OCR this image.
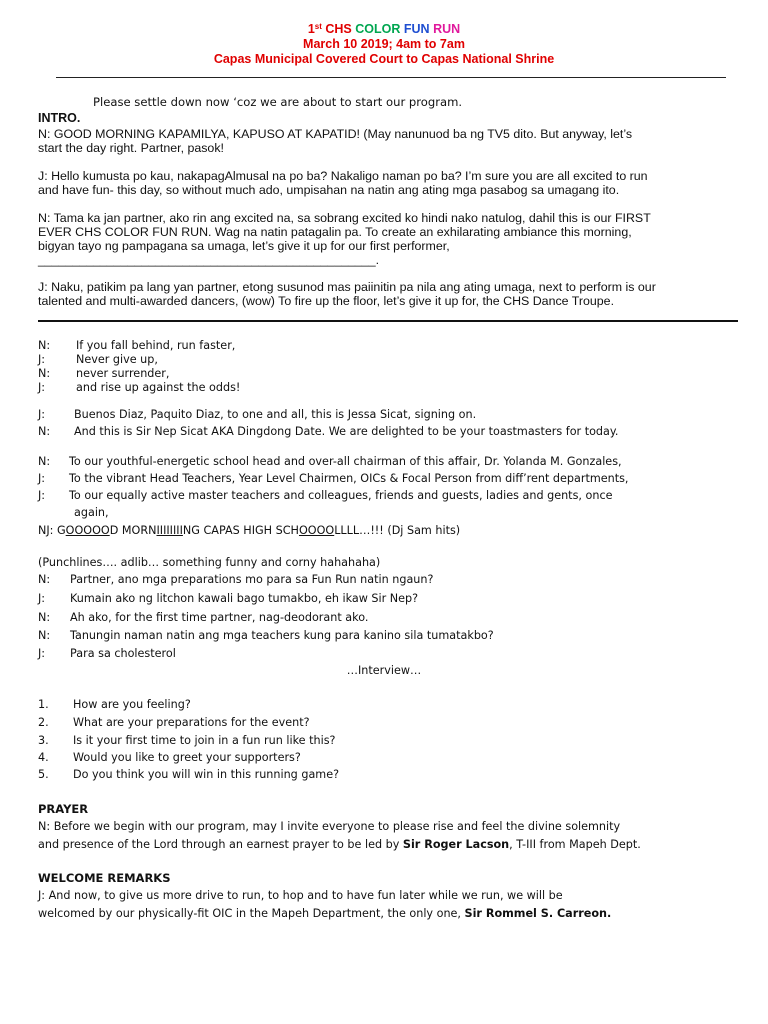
1st CHS COLOR FUN RUN
March 10 2019; 4am to 7am
Capas Municipal Covered Court to Capas National Shrine
Please settle down now ‘coz we are about to start our program.
INTRO.
N: GOOD MORNING KAPAMILYA, KAPUSO AT KAPATID! (May nanunuod ba ng TV5 dito. But anyway, let’s
start the day right. Partner, pasok!
J: Hello kumusta po kau, nakapagAlmusal na po ba? Nakaligo naman po ba? I’m sure you are all excited to run
and have fun- this day, so without much ado, umpisahan na natin ang ating mga pasabog sa umagang ito.
N: Tama ka jan partner, ako rin ang excited na, sa sobrang excited ko hindi nako natulog, dahil this is our FIRST
EVER CHS COLOR FUN RUN. Wag na natin patagalin pa. To create an exhilarating ambiance this morning,
bigyan tayo ng pampagana sa umaga, let’s give it up for our first performer,
_________________________________________________.
J: Naku, patikim pa lang yan partner, etong susunod mas paiinitin pa nila ang ating umaga, next to perform is our
talented and multi-awarded dancers, (wow) To fire up the floor, let’s give it up for, the CHS Dance Troupe.
N: If you fall behind, run faster,
J:	Never give up,
N: never surrender,
J:	and rise up against the odds!
J:	Buenos Diaz, Paquito Diaz, to one and all, this is Jessa Sicat, signing on.
N: And this is Sir Nep Sicat AKA Dingdong Date. We are delighted to be your toastmasters for today.
N: To our youthful-energetic school head and over-all chairman of this affair, Dr. Yolanda M. Gonzales,
J: To the vibrant Head Teachers, Year Level Chairmen, OICs & Focal Person from diff’rent departments,
J: To our equally active master teachers and colleagues, friends and guests, ladies and gents, once
again,
NJ: GOOOOOD MORNIIIIIIIING CAPAS HIGH SCHOOOOLLLL…!!! (Dj Sam hits)
(Punchlines…. adlib… something funny and corny hahahaha)
N: Partner, ano mga preparations mo para sa Fun Run natin ngaun?
J: Kumain ako ng litchon kawali bago tumakbo, eh ikaw Sir Nep?
N: Ah ako, for the first time partner, nag-deodorant ako.
N: Tanungin naman natin ang mga teachers kung para kanino sila tumatakbo?
J: Para sa cholesterol
…Interview…
1. How are you feeling?
2. What are your preparations for the event?
3. Is it your first time to join in a fun run like this?
4. Would you like to greet your supporters?
5. Do you think you will win in this running game?
PRAYER
N: Before we begin with our program, may I invite everyone to please rise and feel the divine solemnity
and presence of the Lord through an earnest prayer to be led by Sir Roger Lacson, T-III from Mapeh Dept.
WELCOME REMARKS
J: And now, to give us more drive to run, to hop and to have fun later while we run, we will be
welcomed by our physically-fit OIC in the Mapeh Department, the only one, Sir Rommel S. Carreon.
